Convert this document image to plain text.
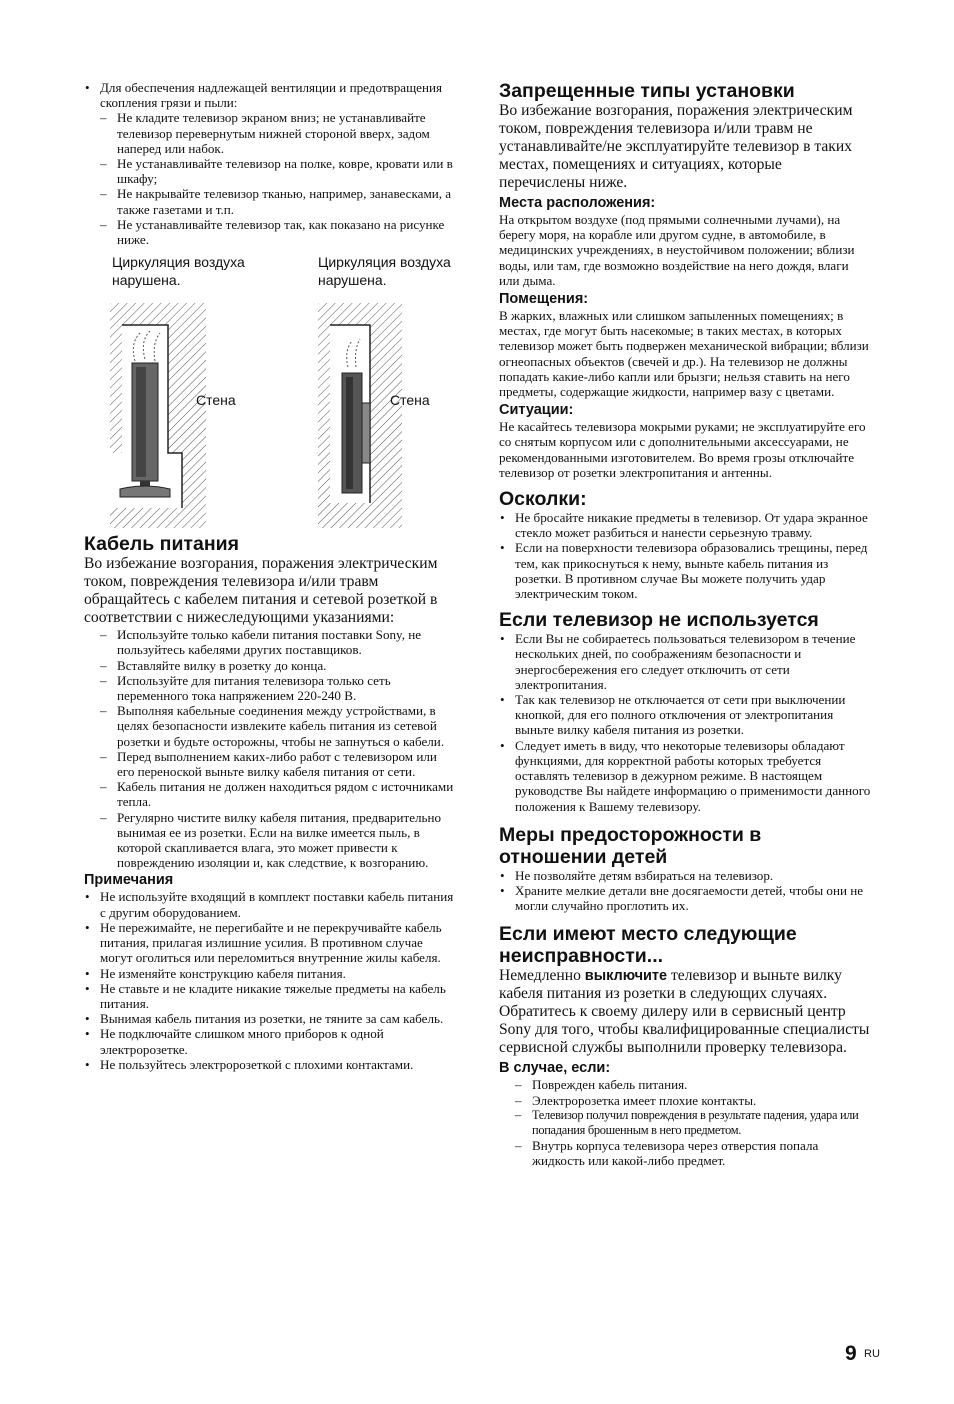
• Для обеспечения надлежащей вентиляции и предотвращения скопления грязи и пыли:
– Не кладите телевизор экраном вниз; не устанавливайте телевизор перевернутым нижней стороной вверх, задом наперед или набок.
– Не устанавливайте телевизор на полке, ковре, кровати или в шкафу;
– Не накрывайте телевизор тканью, например, занавесками, а также газетами и т.п.
– Не устанавливайте телевизор так, как показано на рисунке ниже.
Циркуляция воздуха нарушена.
Циркуляция воздуха нарушена.
Стена	Стена
Кабель питания

Во избежание возгорания, поражения электрическим током, повреждения телевизора и/или травм обращайтесь с кабелем питания и сетевой розеткой в соответствии с нижеследующими указаниями:

– Используйте только кабели питания поставки Sony, не пользуйтесь кабелями других поставщиков.
– Вставляйте вилку в розетку до конца.
– Используйте для питания телевизора только сеть переменного тока напряжением 220-240 В.
– Выполняя кабельные соединения между устройствами, в целях безопасности извлеките кабель питания из сетевой розетки и будьте осторожны, чтобы не запнуться о кабели.
– Перед выполнением каких-либо работ с телевизором или его переноской выньте вилку кабеля питания от сети.
– Кабель питания не должен находиться рядом с источниками тепла.
– Регулярно чистите вилку кабеля питания, предварительно вынимая ее из розетки. Если на вилке имеется пыль, в которой скапливается влага, это может привести к повреждению изоляции и, как следствие, к возгоранию.
Примечания
• Не используйте входящий в комплект поставки кабель питания с другим оборудованием.
• Не пережимайте, не перегибайте и не перекручивайте кабель питания, прилагая излишние усилия. В противном случае могут оголиться или переломиться внутренние жилы кабеля.
• Не изменяйте конструкцию кабеля питания.
• Не ставьте и не кладите никакие тяжелые предметы на кабель питания.
• Вынимая кабель питания из розетки, не тяните за сам кабель.
• Не подключайте слишком много приборов к одной электророзетке.
• Не пользуйтесь электророзеткой с плохими контактами.
Запрещенные типы установки

Во избежание возгорания, поражения электрическим током, повреждения телевизора и/или травм не устанавливайте/не эксплуатируйте телевизор в таких местах, помещениях и ситуациях, которые перечислены ниже.

Места расположения:

На открытом воздухе (под прямыми солнечными лучами), на берегу моря, на корабле или другом судне, в автомобиле, в медицинских учреждениях, в неустойчивом положении; вблизи воды, или там, где возможно воздействие на него дождя, влаги или дыма.

Помещения:

В жарких, влажных или слишком запыленных помещениях; в местах, где могут быть насекомые; в таких местах, в которых телевизор может быть подвержен механической вибрации; вблизи огнеопасных объектов (свечей и др.). На телевизор не должны попадать какие-либо капли или брызги; нельзя ставить на него предметы, содержащие жидкости, например вазу с цветами.

Ситуации:

Не касайтесь телевизора мокрыми руками; не эксплуатируйте его со снятым корпусом или с дополнительными аксессуарами, не рекомендованными изготовителем. Во время грозы отключайте телевизор от розетки электропитания и антенны.

Осколки:
• Не бросайте никакие предметы в телевизор. От удара экранное стекло может разбиться и нанести серьезную травму.
• Если на поверхности телевизора образовались трещины, перед тем, как прикоснуться к нему, выньте кабель питания из розетки. В противном случае Вы можете получить удар электрическим током.
Если телевизор не используется
• Если Вы не собираетесь пользоваться телевизором в течение нескольких дней, по соображениям безопасности и энергосбережения его следует отключить от сети электропитания.
• Так как телевизор не отключается от сети при выключении кнопкой, для его полного отключения от электропитания выньте вилку кабеля питания из розетки.
• Следует иметь в виду, что некоторые телевизоры обладают функциями, для корректной работы которых требуется оставлять телевизор в дежурном режиме. В настоящем руководстве Вы найдете информацию о применимости данного положения к Вашему телевизору.
Меры предосторожности в отношении детей
• Не позволяйте детям взбираться на телевизор.
• Храните мелкие детали вне досягаемости детей, чтобы они не могли случайно проглотить их.
Если имеют место следующие неисправности...

Немедленно выключите телевизор и выньте вилку кабеля питания из розетки в следующих случаях. Обратитесь к своему дилеру или в сервисный центр Sony для того, чтобы квалифицированные специалисты сервисной службы выполнили проверку телевизора.

В случае, если:
– Поврежден кабель питания.
– Электророзетка имеет плохие контакты.
– Телевизор получил повреждения в результате падения, удара или попадания брошенным в него предметом.
– Внутрь корпуса телевизора через отверстия попала жидкость или какой-либо предмет.
9 RU
